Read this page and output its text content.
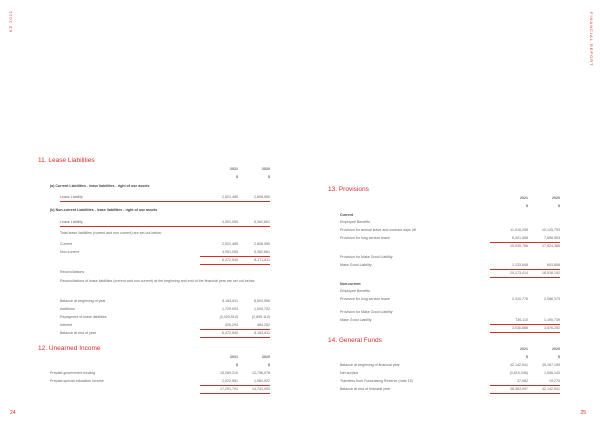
KZ 2021	FINANCIAL REPORT
24	25
11. Lease Liabilities
2021	2020
$	$
(a) Current Liabilities - lease liabilities - right of use assets
Lease Liability	2,521,485	2,808,950
(b) Non-current Liabilities - lease liabilities - right of use assets
Lease Liability	3,951,055	5,362,661
Total lease liabilities (current and non current) are set out below:
Current	2,521,485	2,808,950
Non-current	3,951,055	5,362,661
6,472,540	8,171,611
Reconciliations
Reconciliations of lease liabilities (current and non current) at the beginning and end of the financial year are set out below:
Balance at beginning of year	8,163,611	8,503,596
Additions	1,729,003	1,000,702
Repayment of lease liabilities	(3,420,510)	(2,895,119)
Interest	326,294	484,252
Balance at end of year	6,472,540	8,163,611
12. Unearned Income
2021	2020
$	$
Prepaid government funding	15,269,210	12,756,078
Prepaid special education income	2,022,581	1,984,922
17,291,791	14,741,000
13. Provisions
2021	2020
$	$
Current
Employee Benefits
Provision for annual leave and contract days off	11,018,208	10,125,793
Provision for long service leave	8,021,558	7,698,593
19,039,766	17,824,386
Provision for Make Good Liability
Make Good Liability	1,133,648	693,806
20,173,414	18,518,192
Non-current
Employee Benefits
Provision for long service leave	2,310,776	2,086,373
Provision for Make Good Liability
Make Good Liability	726,110	1,190,739
3,036,886	3,876,252
14. General Funds
2021	2020
$	$
Balance at beginning of financial year	42,142,541	35,167,159
Net surplus	(3,815,346)	1,056,143
Transfers from Fundraising Reserve (note 15)	37,082	19,270
Balance at end of financial year	38,363,997	42,142,541
